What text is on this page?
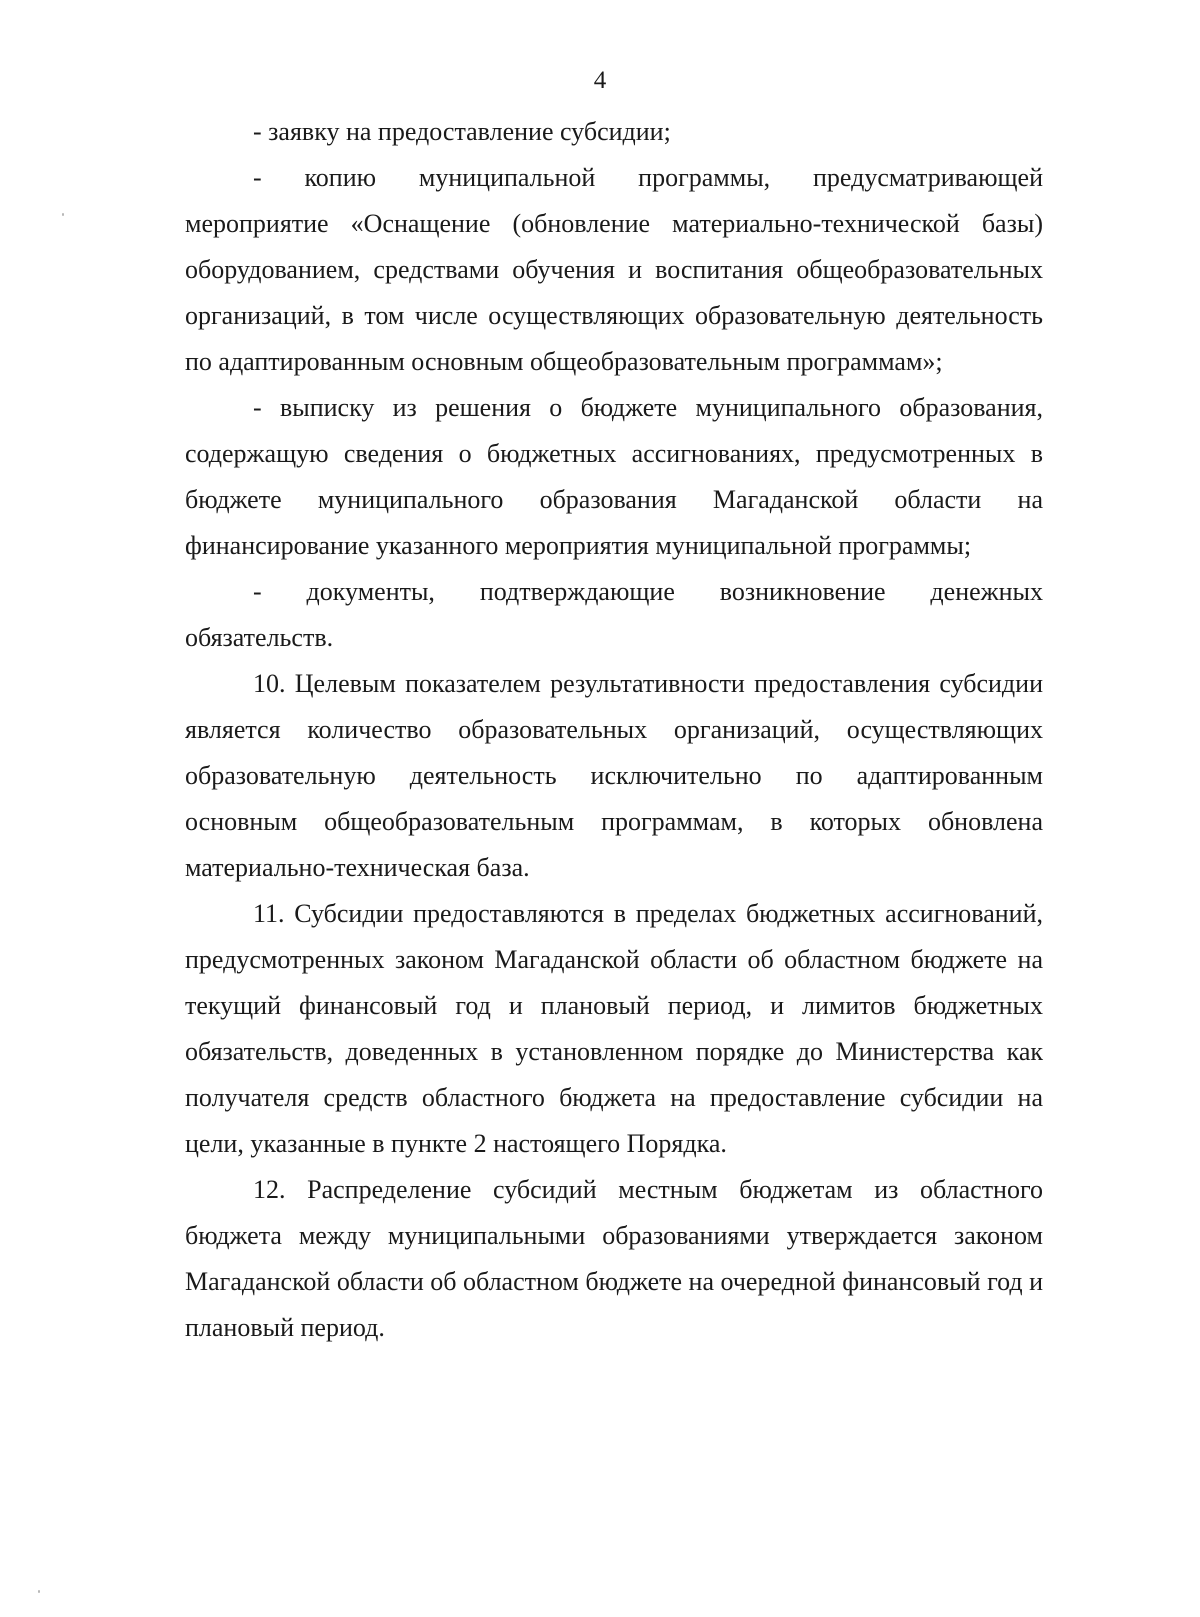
4

- заявку на предоставление субсидии;

- копию муниципальной программы, предусматривающей мероприятие «Оснащение (обновление материально-технической базы) оборудованием, средствами обучения и воспитания общеобразовательных организаций, в том числе осуществляющих образовательную деятельность по адаптированным основным общеобразовательным программам»;

- выписку из решения о бюджете муниципального образования, содержащую сведения о бюджетных ассигнованиях, предусмотренных в бюджете муниципального образования Магаданской области на финансирование указанного мероприятия муниципальной программы;

- документы, подтверждающие возникновение денежных обязательств.

10. Целевым показателем результативности предоставления субсидии является количество образовательных организаций, осуществляющих образовательную деятельность исключительно по адаптированным основным общеобразовательным программам, в которых обновлена материально-техническая база.

11. Субсидии предоставляются в пределах бюджетных ассигнований, предусмотренных законом Магаданской области об областном бюджете на текущий финансовый год и плановый период, и лимитов бюджетных обязательств, доведенных в установленном порядке до Министерства как получателя средств областного бюджета на предоставление субсидии на цели, указанные в пункте 2 настоящего Порядка.

12. Распределение субсидий местным бюджетам из областного бюджета между муниципальными образованиями утверждается законом Магаданской области об областном бюджете на очередной финансовый год и плановый период.
